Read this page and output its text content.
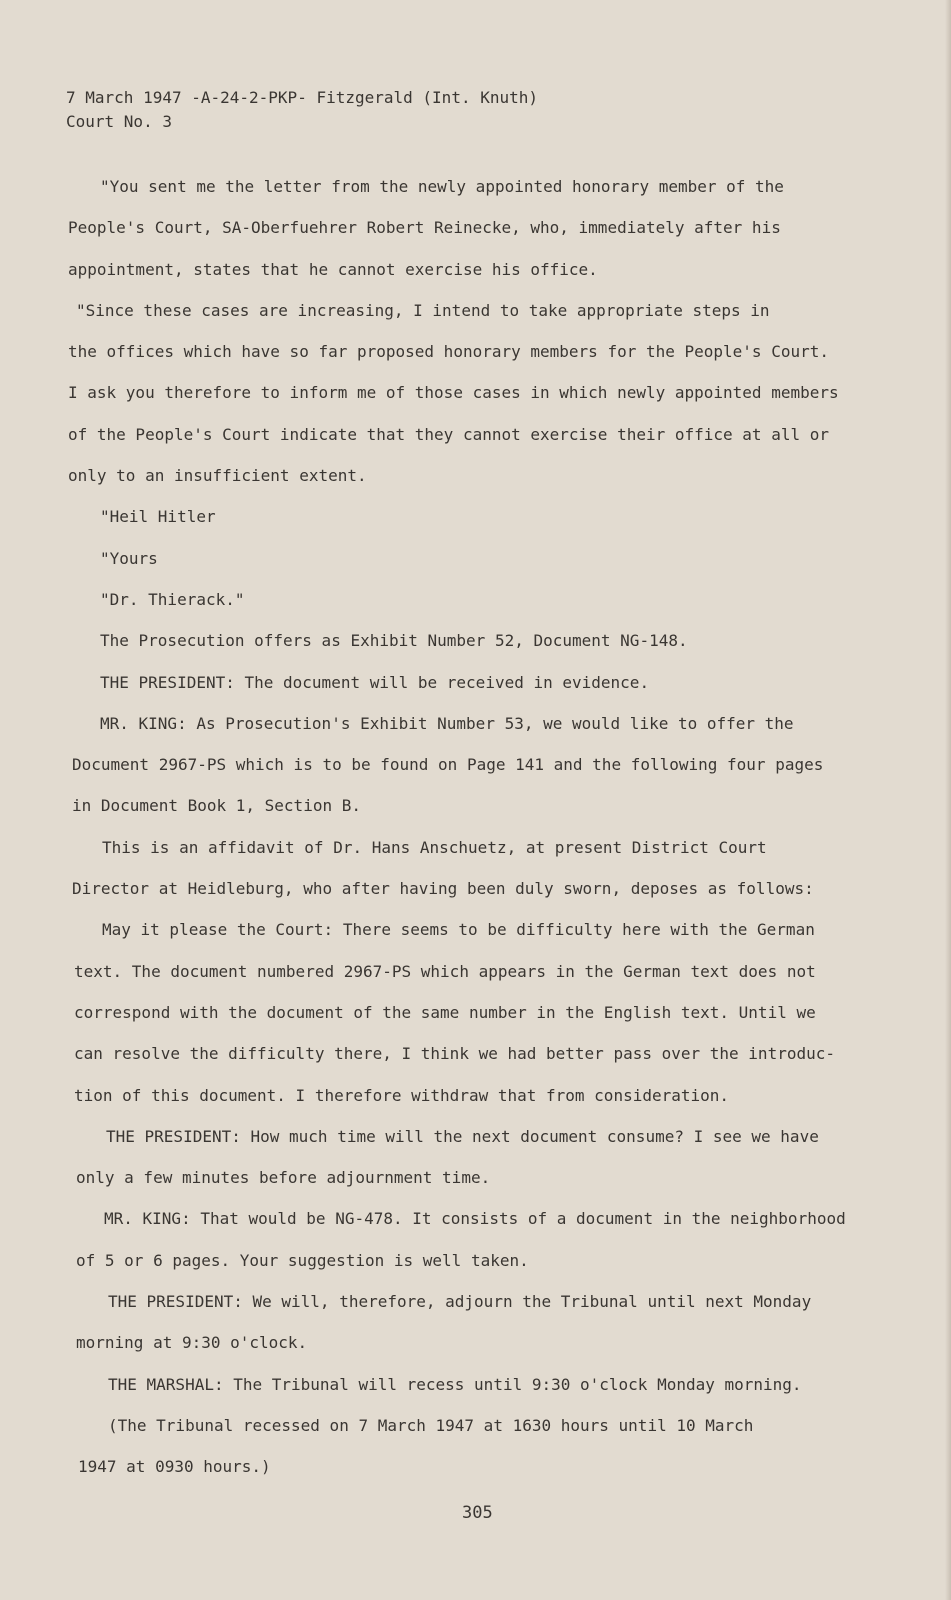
7 March 1947 -A-24-2-PKP- Fitzgerald (Int. Knuth)
Court No. 3
"You sent me the letter from the newly appointed honorary member of the
People's Court, SA-Oberfuehrer Robert Reinecke, who, immediately after his
appointment, states that he cannot exercise his office.
"Since these cases are increasing, I intend to take appropriate steps in
the offices which have so far proposed honorary members for the People's Court.
I ask you therefore to inform me of those cases in which newly appointed members
of the People's Court indicate that they cannot exercise their office at all or
only to an insufficient extent.
"Heil Hitler
"Yours
"Dr. Thierack."
The Prosecution offers as Exhibit Number 52, Document NG-148.
THE PRESIDENT: The document will be received in evidence.
MR. KING: As Prosecution's Exhibit Number 53, we would like to offer the
Document 2967-PS which is to be found on Page 141 and the following four pages
in Document Book 1, Section B.
This is an affidavit of Dr. Hans Anschuetz, at present District Court
Director at Heidleburg, who after having been duly sworn, deposes as follows:
May it please the Court: There seems to be difficulty here with the German
text. The document numbered 2967-PS which appears in the German text does not
correspond with the document of the same number in the English text. Until we
can resolve the difficulty there, I think we had better pass over the introduc-
tion of this document. I therefore withdraw that from consideration.
THE PRESIDENT: How much time will the next document consume? I see we have
only a few minutes before adjournment time.
MR. KING: That would be NG-478. It consists of a document in the neighborhood
of 5 or 6 pages. Your suggestion is well taken.
THE PRESIDENT: We will, therefore, adjourn the Tribunal until next Monday
morning at 9:30 o'clock.
THE MARSHAL: The Tribunal will recess until 9:30 o'clock Monday morning.
(The Tribunal recessed on 7 March 1947 at 1630 hours until 10 March
1947 at 0930 hours.)
305
